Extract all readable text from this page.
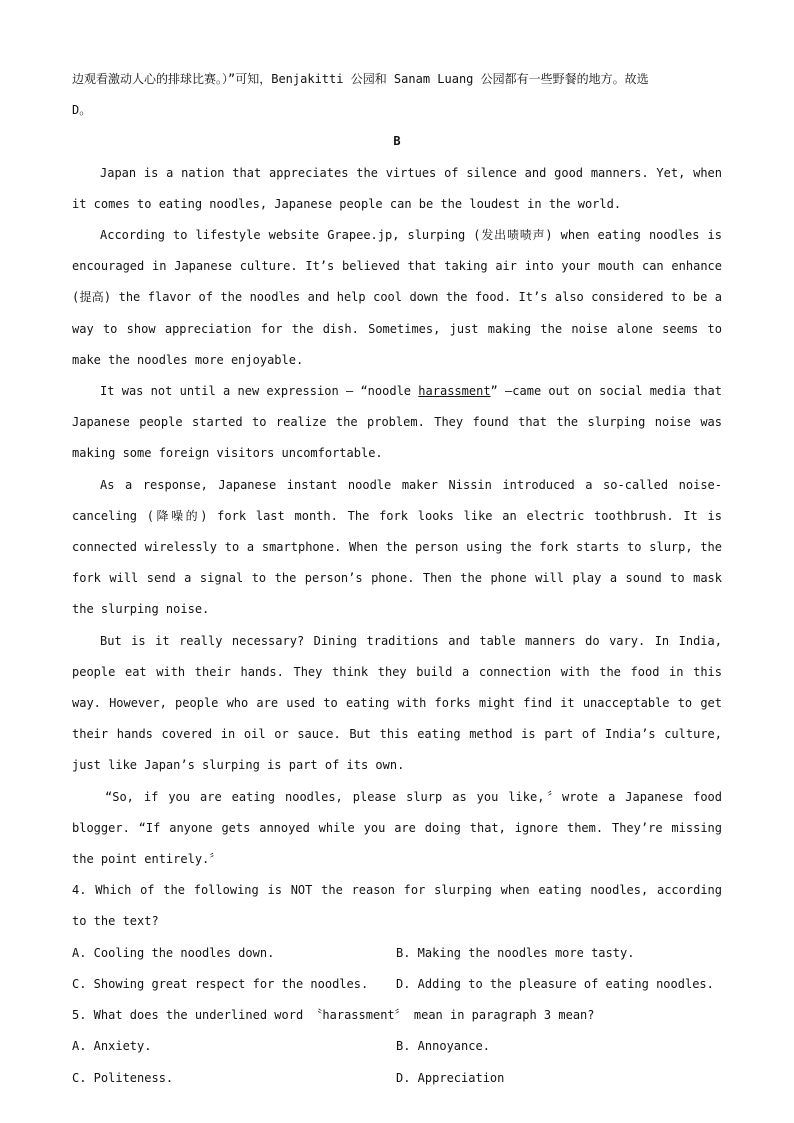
边观看激动人心的排球比赛。）”可知，Benjakitti 公园和 Sanam Luang 公园都有一些野餐的地方。故选

D。

B

Japan is a nation that appreciates the virtues of silence and good manners. Yet, when it comes to eating noodles, Japanese people can be the loudest in the world.

According to lifestyle website Grapee.jp, slurping (发出啧啧声) when eating noodles is encouraged in Japanese culture. It’s believed that taking air into your mouth can enhance (提高) the flavor of the noodles and help cool down the food. It’s also considered to be a way to show appreciation for the dish. Sometimes, just making the noise alone seems to make the noodles more enjoyable.

It was not until a new expression — “noodle harassment” —came out on social media that Japanese people started to realize the problem. They found that the slurping noise was making some foreign visitors uncomfortable.

As a response, Japanese instant noodle maker Nissin introduced a so-called noise-canceling (降噪的) fork last month. The fork looks like an electric toothbrush. It is connected wirelessly to a smartphone. When the person using the fork starts to slurp, the fork will send a signal to the person’s phone. Then the phone will play a sound to mask the slurping noise.

But is it really necessary? Dining traditions and table manners do vary. In India, people eat with their hands. They think they build a connection with the food in this way. However, people who are used to eating with forks might find it unacceptable to get their hands covered in oil or sauce. But this eating method is part of India’s culture, just like Japan’s slurping is part of its own.

“So, if you are eating noodles, please slurp as you like,〞wrote a Japanese food blogger. “If anyone gets annoyed while you are doing that, ignore them. They’re missing the point entirely.〞

4. Which of the following is NOT the reason for slurping when eating noodles, according to the text?

A. Cooling the noodles down.	B. Making the noodles more tasty.
C. Showing great respect for the noodles.	D. Adding to the pleasure of eating noodles.

5. What does the underlined word 〝harassment〞 mean in paragraph 3 mean?

A. Anxiety.	B. Annoyance.
C. Politeness.	D. Appreciation
